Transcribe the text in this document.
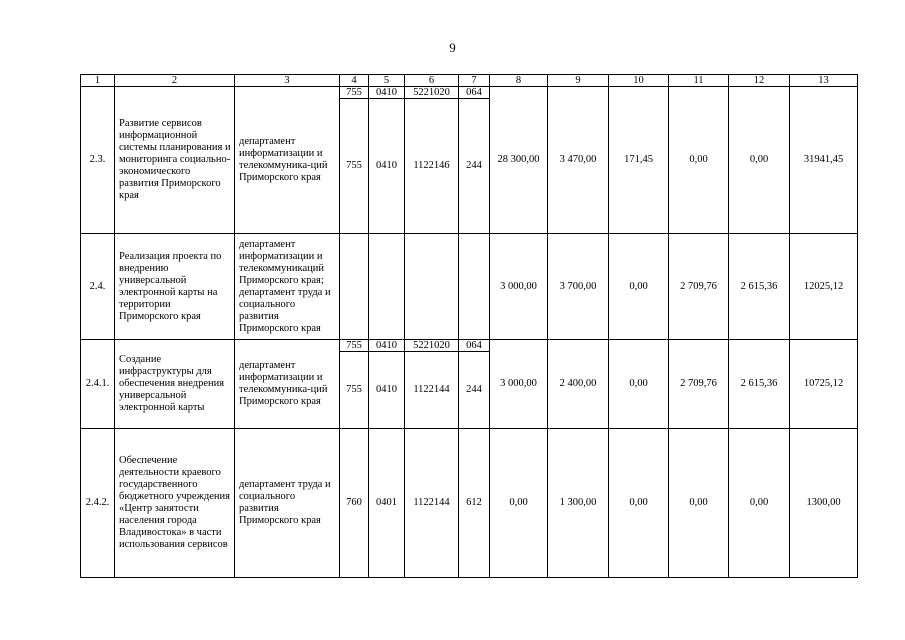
9
1	2	3	4	5	6	7	8	9	10	11	12	13
2.3.	Развитие сервисов информационной системы планирования и мониторинга социально-экономического развития Приморского края	департамент информатизации и телекоммуника-ций Приморского края	755	0410	5221020	064	28 300,00	3 470,00	171,45	0,00	0,00	31941,45
			755	0410	1122146	244						
2.4.	Реализация проекта по внедрению универсальной электронной карты на территории Приморского края	департамент информатизации и телекоммуникаций Приморского края; департамент труда и социального развития Приморского края					3 000,00	3 700,00	0,00	2 709,76	2 615,36	12025,12
2.4.1.	Создание инфраструктуры для обеспечения внедрения универсальной электронной карты	департамент информатизации и телекоммуника-ций Приморского края	755	0410	5221020	064	3 000,00	2 400,00	0,00	2 709,76	2 615,36	10725,12
			755	0410	1122144	244						
2.4.2.	Обеспечение деятельности краевого государственного бюджетного учреждения «Центр занятости населения города Владивостока» в части использования сервисов	департамент труда и социального развития Приморского края	760	0401	1122144	612	0,00	1 300,00	0,00	0,00	0,00	1300,00
